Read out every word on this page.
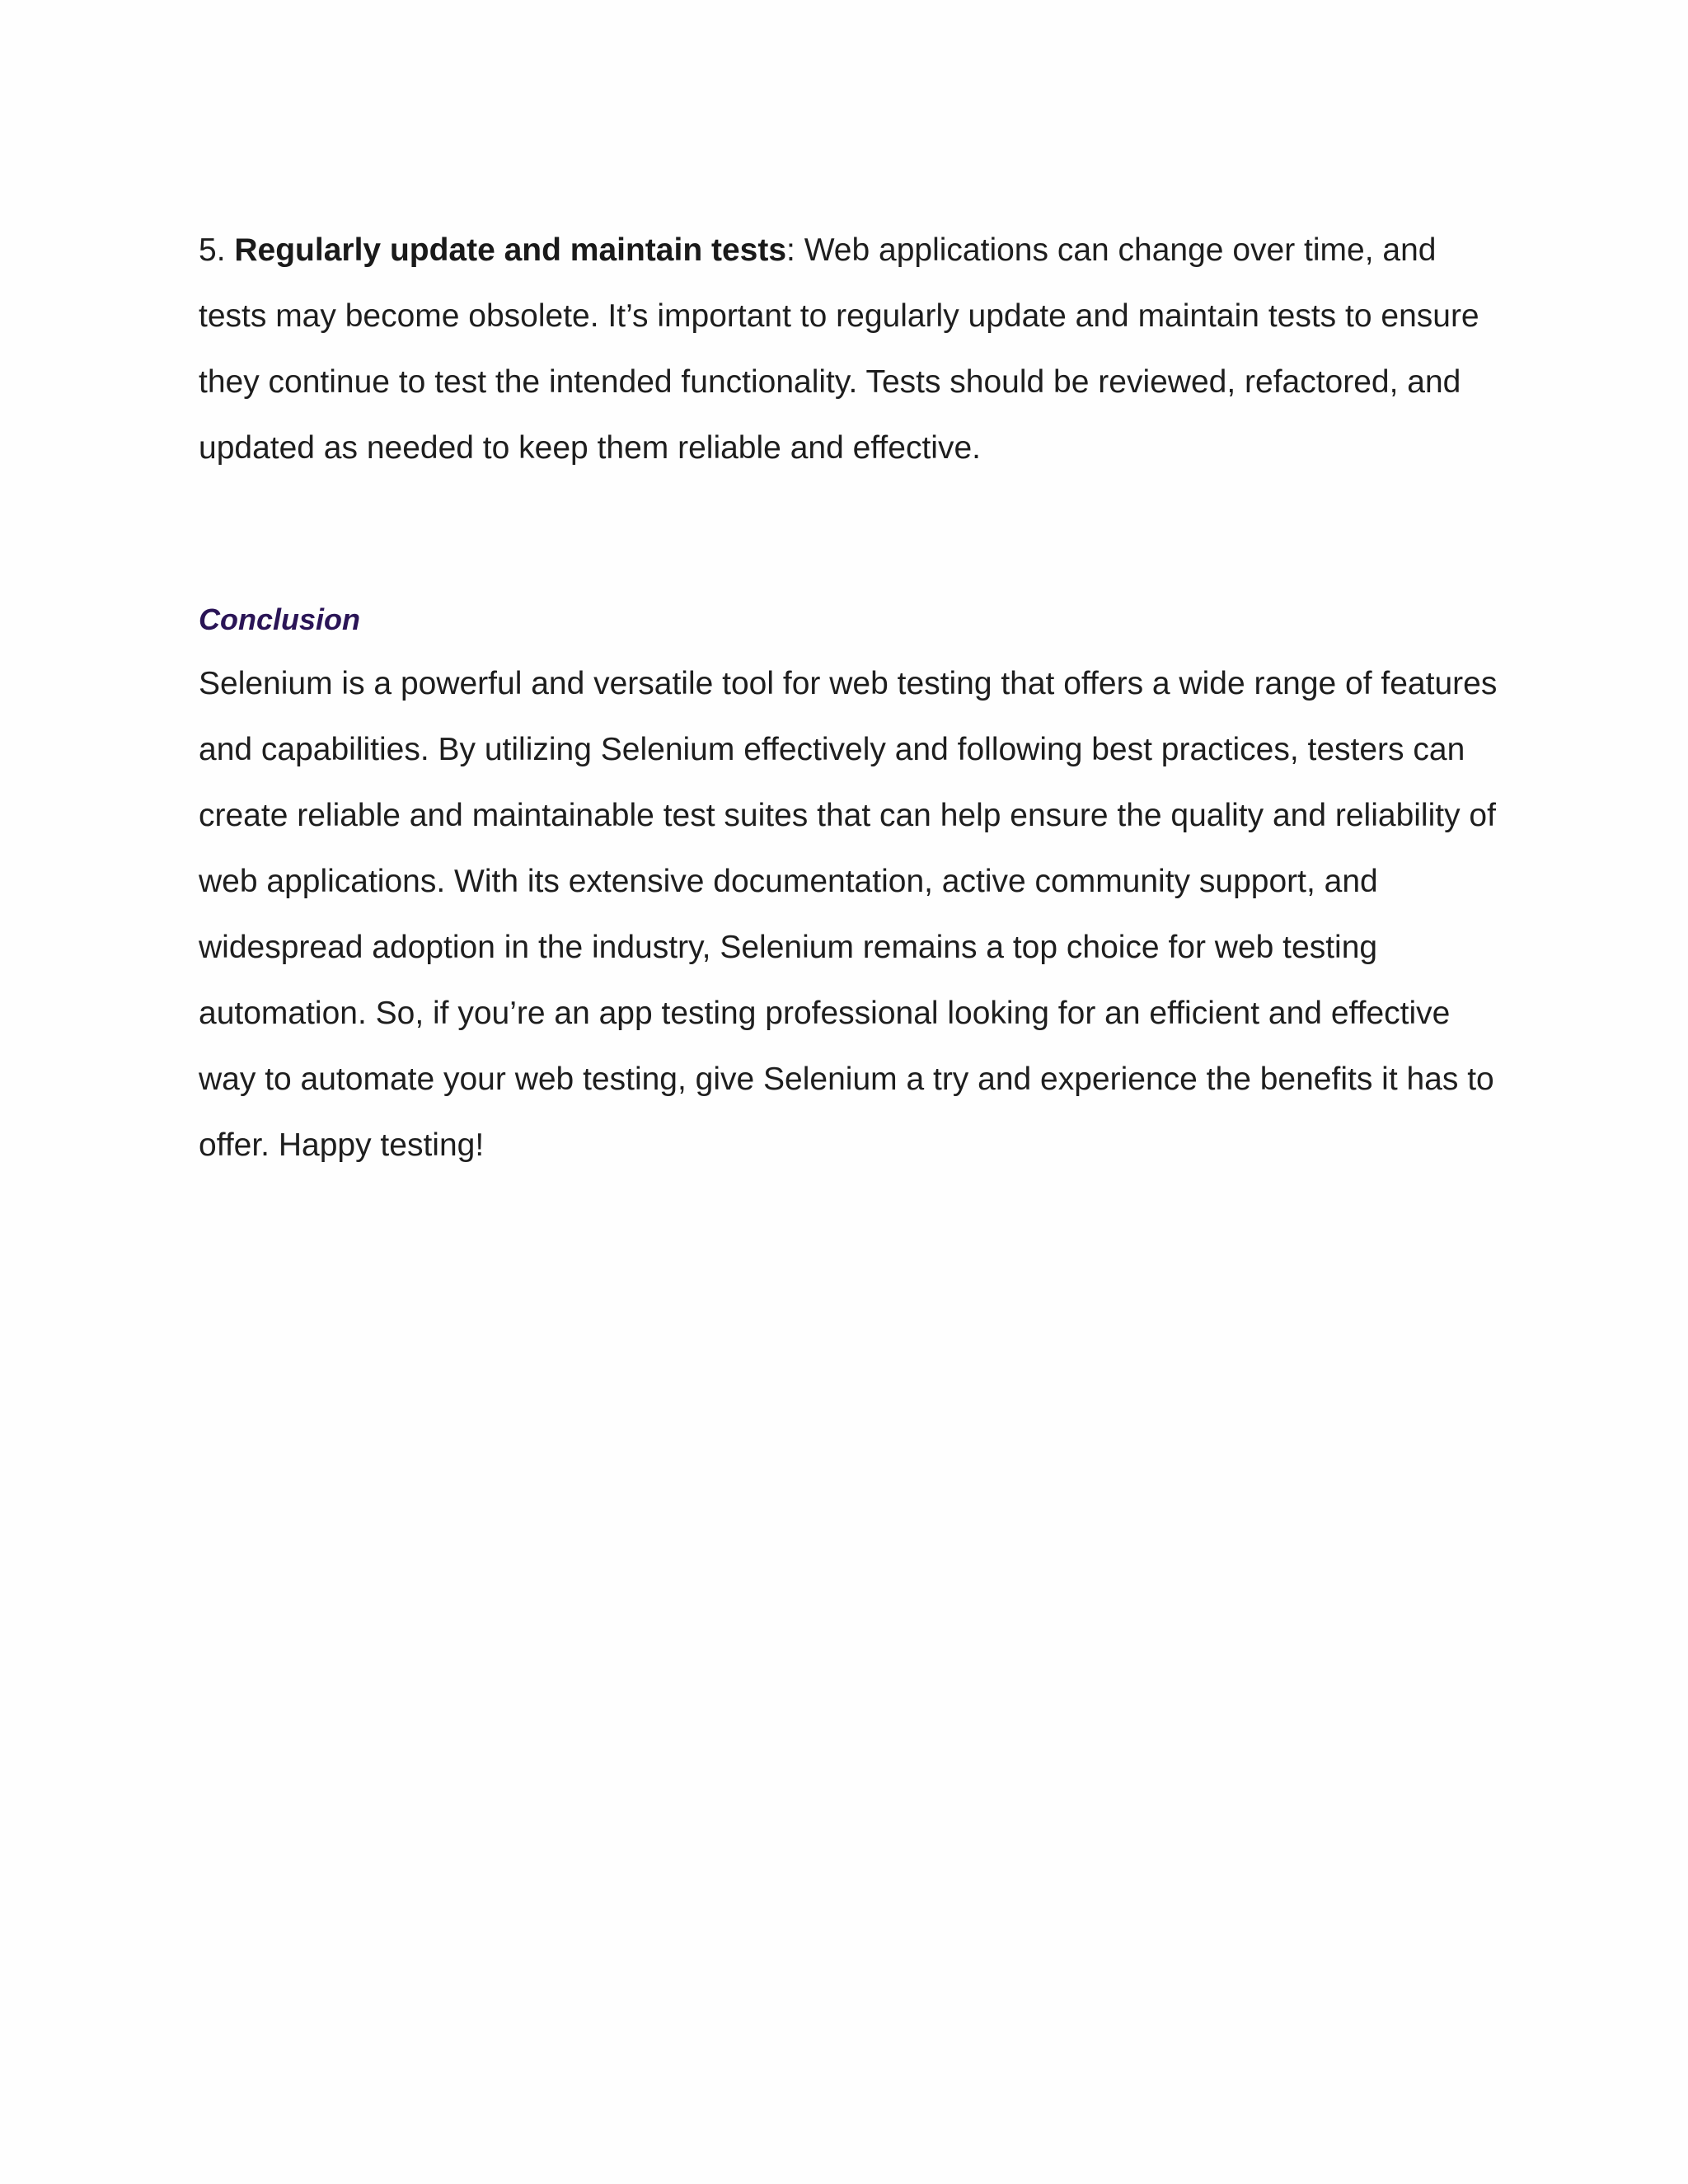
5. Regularly update and maintain tests: Web applications can change over time, and tests may become obsolete. It’s important to regularly update and maintain tests to ensure they continue to test the intended functionality. Tests should be reviewed, refactored, and updated as needed to keep them reliable and effective.

Conclusion

Selenium is a powerful and versatile tool for web testing that offers a wide range of features and capabilities. By utilizing Selenium effectively and following best practices, testers can create reliable and maintainable test suites that can help ensure the quality and reliability of web applications. With its extensive documentation, active community support, and widespread adoption in the industry, Selenium remains a top choice for web testing automation. So, if you’re an app testing professional looking for an efficient and effective way to automate your web testing, give Selenium a try and experience the benefits it has to offer. Happy testing!
